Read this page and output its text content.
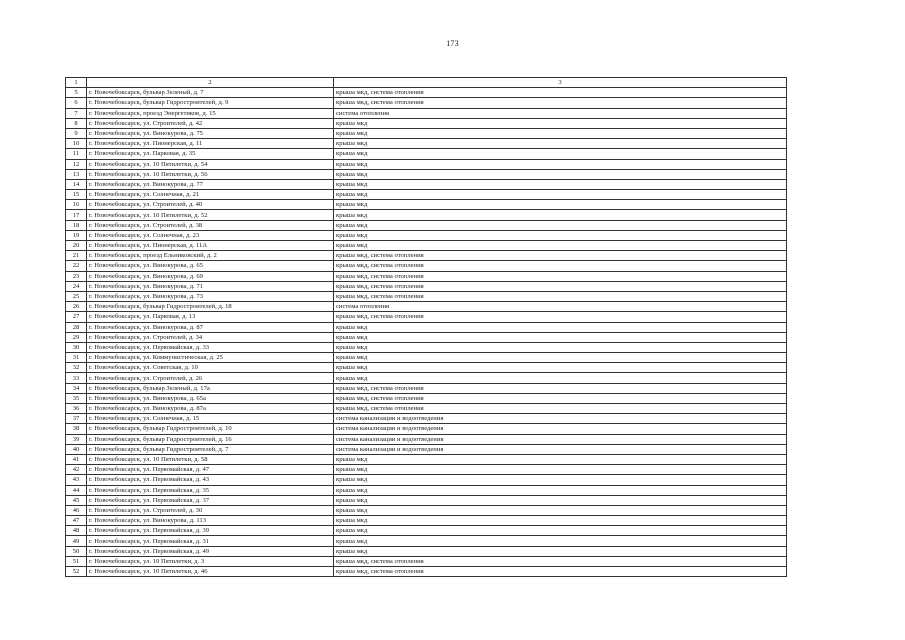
173
1	2	3
5	г. Новочебоксарск, бульвар Зеленый, д. 7	крыша мкд, система отопления
6	г. Новочебоксарск, бульвар Гидростроителей, д. 9	крыша мкд, система отопления
7	г. Новочебоксарск, проезд Энергетиков, д. 15	система отопления
8	г. Новочебоксарск, ул. Строителей, д. 42	крыша мкд
9	г. Новочебоксарск, ул. Винокурова, д. 75	крыша мкд
10	г. Новочебоксарск, ул. Пионерская, д. 11	крыша мкд
11	г. Новочебоксарск, ул. Парковая, д. 35	крыша мкд
12	г. Новочебоксарск, ул. 10 Пятилетки, д. 54	крыша мкд
13	г. Новочебоксарск, ул. 10 Пятилетки, д. 56	крыша мкд
14	г. Новочебоксарск, ул. Винокурова, д. 77	крыша мкд
15	г. Новочебоксарск, ул. Солнечная, д. 21	крыша мкд
16	г. Новочебоксарск, ул. Строителей, д. 40	крыша мкд
17	г. Новочебоксарск, ул. 10 Пятилетки, д. 52	крыша мкд
18	г. Новочебоксарск, ул. Строителей, д. 38	крыша мкд
19	г. Новочебоксарск, ул. Солнечная, д. 23	крыша мкд
20	г. Новочебоксарск, ул. Пионерская, д. 11А	крыша мкд
21	г. Новочебоксарск, проезд Ельниковский, д. 2	крыша мкд, система отопления
22	г. Новочебоксарск, ул. Винокурова, д. 65	крыша мкд, система отопления
23	г. Новочебоксарск, ул. Винокурова, д. 69	крыша мкд, система отопления
24	г. Новочебоксарск, ул. Винокурова, д. 71	крыша мкд, система отопления
25	г. Новочебоксарск, ул. Винокурова, д. 73	крыша мкд, система отопления
26	г. Новочебоксарск, бульвар Гидростроителей, д. 18	система отопления
27	г. Новочебоксарск, ул. Парковая, д. 13	крыша мкд, система отопления
28	г. Новочебоксарск, ул. Винокурова, д. 87	крыша мкд
29	г. Новочебоксарск, ул. Строителей, д. 34	крыша мкд
30	г. Новочебоксарск, ул. Первомайская, д. 33	крыша мкд
31	г. Новочебоксарск, ул. Коммунистическая, д. 25	крыша мкд
32	г. Новочебоксарск, ул. Советская, д. 10	крыша мкд
33	г. Новочебоксарск, ул. Строителей, д. 26	крыша мкд
34	г. Новочебоксарск, бульвар Зеленый, д. 17а	крыша мкд, система отопления
35	г. Новочебоксарск, ул. Винокурова, д. 65а	крыша мкд, система отопления
36	г. Новочебоксарск, ул. Винокурова, д. 87а	крыша мкд, система отопления
37	г. Новочебоксарск, ул. Солнечная, д. 15	система канализации и водоотведения
38	г. Новочебоксарск, бульвар Гидростроителей, д. 10	система канализации и водоотведения
39	г. Новочебоксарск, бульвар Гидростроителей, д. 16	система канализации и водоотведения
40	г. Новочебоксарск, бульвар Гидростроителей, д. 7	система канализации и водоотведения
41	г. Новочебоксарск, ул. 10 Пятилетки, д. 58	крыша мкд
42	г. Новочебоксарск, ул. Первомайская, д. 47	крыша мкд
43	г. Новочебоксарск, ул. Первомайская, д. 43	крыша мкд
44	г. Новочебоксарск, ул. Первомайская, д. 35	крыша мкд
45	г. Новочебоксарск, ул. Первомайская, д. 37	крыша мкд
46	г. Новочебоксарск, ул. Строителей, д. 30	крыша мкд
47	г. Новочебоксарск, ул. Винокурова, д. 113	крыша мкд
48	г. Новочебоксарск, ул. Первомайская, д. 39	крыша мкд
49	г. Новочебоксарск, ул. Первомайская, д. 31	крыша мкд
50	г. Новочебоксарск, ул. Первомайская, д. 49	крыша мкд
51	г. Новочебоксарск, ул. 10 Пятилетки, д. 3	крыша мкд, система отопления
52	г. Новочебоксарск, ул. 10 Пятилетки, д. 46	крыша мкд, система отопления
